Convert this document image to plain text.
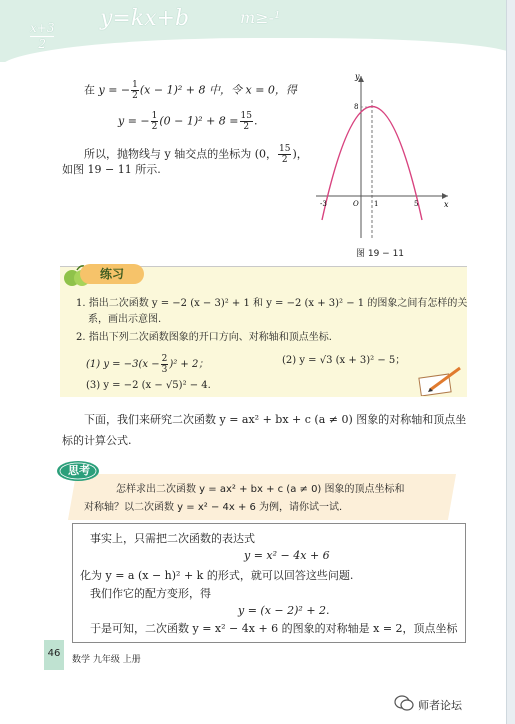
x+3
2
y=kx+b	m≥-¹
在 y = − $\frac{1}{2} (x - 1)^2 + 8$ 中，令 x = 0，得
y = − $\frac{1}{2} (0 - 1)^2 + 8 = \frac{15}{2}$ .
所以，抛物线与 y 轴交点的坐标为 (0， $\frac{15}{2}$ )，
如图 19 − 11 所示.
y
x
O
-3	1	5
8
图 19 − 11
练习
1. 指出二次函数 y = −2 (x − 3)² + 1 和 y = −2 (x + 3)² − 1 的图象之间有怎样的关
系，画出示意图.
2. 指出下列二次函数图象的开口方向、对称轴和顶点坐标.
(1) $y = -3(x - \frac{2}{3} )^2 + 2$；	(2) y = √3 (x + 3)² − 5；
(3) y = −2 (x − √5)² − 4.
下面，我们来研究二次函数 y = ax² + bx + c (a ≠ 0) 图象的对称轴和顶点坐
标的计算公式.
思考
怎样求出二次函数 y = ax² + bx + c (a ≠ 0) 图象的顶点坐标和
对称轴？以二次函数 y = x² − 4x + 6 为例，请你试一试.
事实上，只需把二次函数的表达式
y = x² − 4x + 6
化为 y = a (x − h)² + k 的形式，就可以回答这些问题.
我们作它的配方变形，得
y = (x − 2)² + 2.
于是可知，二次函数 y = x² − 4x + 6 的图象的对称轴是 x = 2，顶点坐标
46
数学 九年级 上册
师者论坛
